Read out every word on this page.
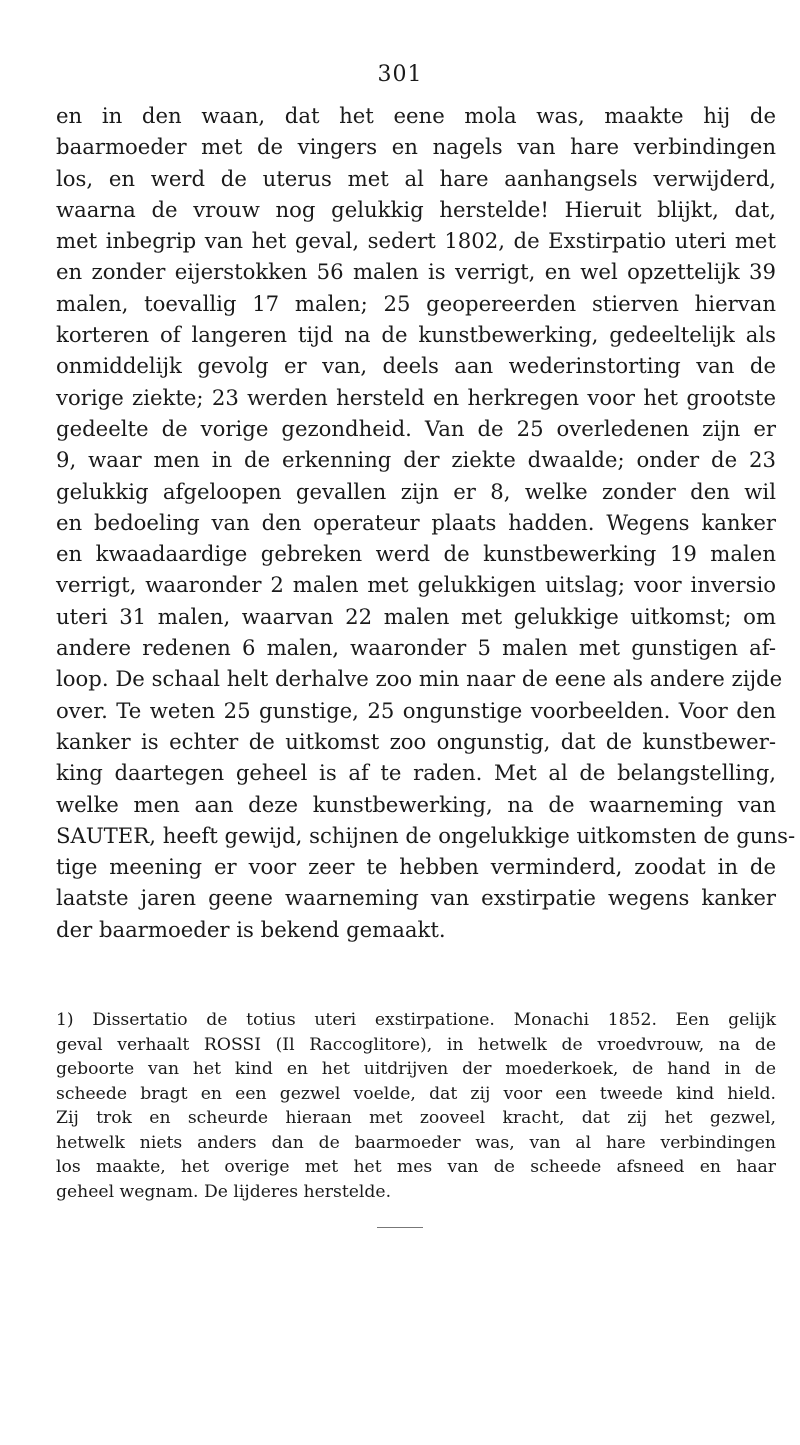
301
en in den waan, dat het eene mola was, maakte hij de
baarmoeder met de vingers en nagels van hare verbindingen
los, en werd de uterus met al hare aanhangsels verwijderd,
waarna de vrouw nog gelukkig herstelde! Hieruit blijkt, dat,
met inbegrip van het geval, sedert 1802, de Exstirpatio uteri met
en zonder eijerstokken 56 malen is verrigt, en wel opzettelijk 39
malen, toevallig 17 malen; 25 geopereerden stierven hiervan
korteren of langeren tijd na de kunstbewerking, gedeeltelijk als
onmiddelijk gevolg er van, deels aan wederinstorting van de
vorige ziekte; 23 werden hersteld en herkregen voor het grootste
gedeelte de vorige gezondheid. Van de 25 overledenen zijn er
9, waar men in de erkenning der ziekte dwaalde; onder de 23
gelukkig afgeloopen gevallen zijn er 8, welke zonder den wil
en bedoeling van den operateur plaats hadden. Wegens kanker
en kwaadaardige gebreken werd de kunstbewerking 19 malen
verrigt, waaronder 2 malen met gelukkigen uitslag; voor inversio
uteri 31 malen, waarvan 22 malen met gelukkige uitkomst; om
andere redenen 6 malen, waaronder 5 malen met gunstigen af-
loop. De schaal helt derhalve zoo min naar de eene als andere zijde
over. Te weten 25 gunstige, 25 ongunstige voorbeelden. Voor den
kanker is echter de uitkomst zoo ongunstig, dat de kunstbewer-
king daartegen geheel is af te raden. Met al de belangstelling,
welke men aan deze kunstbewerking, na de waarneming van
SAUTER, heeft gewijd, schijnen de ongelukkige uitkomsten de guns-
tige meening er voor zeer te hebben verminderd, zoodat in de
laatste jaren geene waarneming van exstirpatie wegens kanker
der baarmoeder is bekend gemaakt.
1) Dissertatio de totius uteri exstirpatione. Monachi 1852. Een gelijk
geval verhaalt ROSSI (Il Raccoglitore), in hetwelk de vroedvrouw, na de
geboorte van het kind en het uitdrijven der moederkoek, de hand in de
scheede bragt en een gezwel voelde, dat zij voor een tweede kind hield.
Zij trok en scheurde hieraan met zooveel kracht, dat zij het gezwel,
hetwelk niets anders dan de baarmoeder was, van al hare verbindingen
los maakte, het overige met het mes van de scheede afsneed en haar
geheel wegnam. De lijderes herstelde.
